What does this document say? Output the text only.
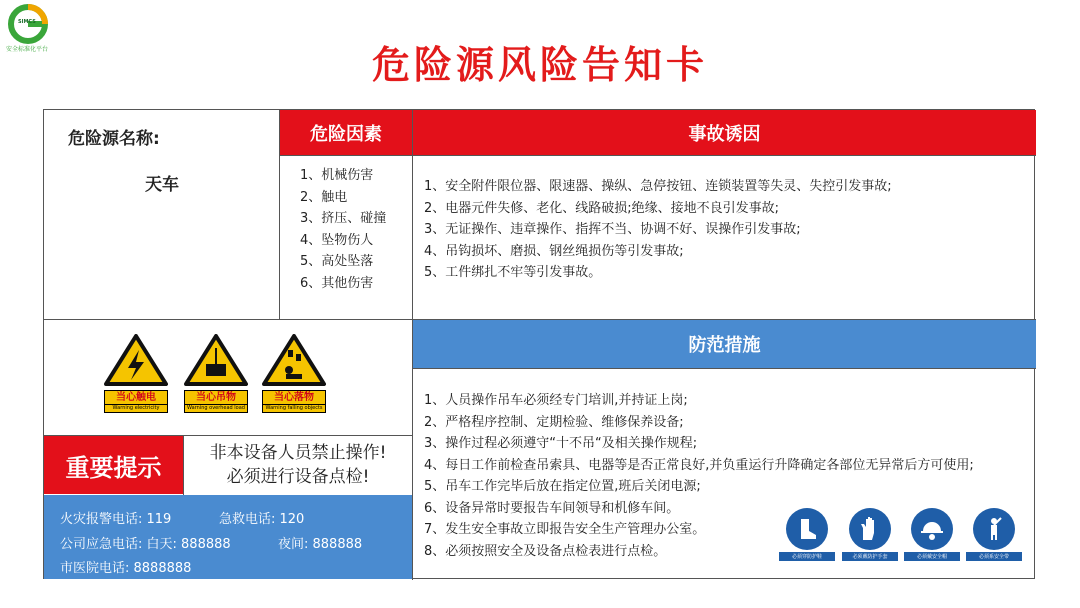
SIMCS
安全标准化平台	危险源风险告知卡
危险源名称:
天车
危险因素
1、机械伤害
2、触电
3、挤压、碰撞
4、坠物伤人
5、高处坠落
6、其他伤害
事故诱因
1、安全附件限位器、限速器、操纵、急停按钮、连锁装置等失灵、失控引发事故;
2、电器元件失修、老化、线路破损;绝缘、接地不良引发事故;
3、无证操作、违章操作、指挥不当、协调不好、误操作引发事故;
4、吊钩损坏、磨损、钢丝绳损伤等引发事故;
5、工件绑扎不牢等引发事故。
当心触电
Warning electricity
当心吊物
Warning overhead load
当心落物
Warning falling objects
重要提示
非本设备人员禁止操作!
必须进行设备点检!
火灾报警电话: 119	急救电话: 120
公司应急电话: 白天: 888888	夜间: 888888
市医院电话: 8888888
防范措施
1、人员操作吊车必须经专门培训,并持证上岗;
2、严格程序控制、定期检验、维修保养设备;
3、操作过程必须遵守“十不吊“及相关操作规程;
4、每日工作前检查吊索具、电器等是否正常良好,并负重运行升降确定各部位无异常后方可使用;
5、吊车工作完毕后放在指定位置,班后关闭电源;
6、设备异常时要报告车间领导和机修车间。
7、发生安全事故立即报告安全生产管理办公室。
8、必须按照安全及设备点检表进行点检。	必须穿防护鞋	必须戴防护手套	必须戴安全帽	必须系安全带
